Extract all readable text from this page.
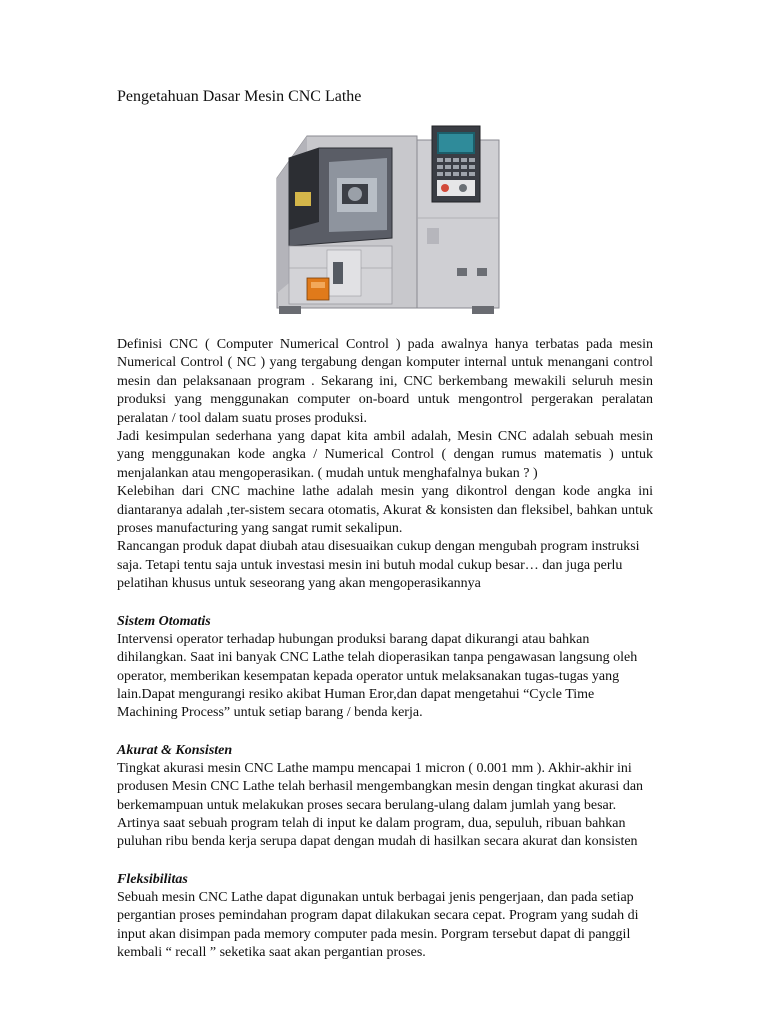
Pengetahuan Dasar Mesin CNC Lathe

Definisi CNC ( Computer Numerical Control ) pada awalnya hanya terbatas pada mesin Numerical Control ( NC ) yang tergabung dengan komputer internal untuk menangani control mesin dan pelaksanaan program . Sekarang ini, CNC berkembang mewakili seluruh mesin produksi yang menggunakan computer on-board untuk mengontrol pergerakan peralatan peralatan / tool dalam suatu proses produksi.

Jadi kesimpulan sederhana yang dapat kita ambil adalah, Mesin CNC adalah sebuah mesin yang menggunakan kode angka / Numerical Control ( dengan rumus matematis ) untuk menjalankan atau mengoperasikan. ( mudah untuk menghafalnya bukan ? )

Kelebihan dari CNC machine lathe adalah mesin yang dikontrol dengan kode angka ini diantaranya adalah ,ter-sistem secara otomatis, Akurat & konsisten dan fleksibel, bahkan untuk proses manufacturing yang sangat rumit sekalipun.

Rancangan produk dapat diubah atau disesuaikan cukup dengan mengubah program instruksi saja. Tetapi tentu saja untuk investasi mesin ini butuh modal cukup besar… dan juga perlu pelatihan khusus untuk seseorang yang akan mengoperasikannya

Sistem Otomatis

Intervensi operator terhadap hubungan produksi barang dapat dikurangi atau bahkan dihilangkan. Saat ini banyak CNC Lathe telah dioperasikan tanpa pengawasan langsung oleh operator, memberikan kesempatan kepada operator untuk melaksanakan tugas-tugas yang lain.Dapat mengurangi resiko akibat Human Eror,dan dapat mengetahui “Cycle Time Machining Process” untuk setiap barang / benda kerja.

Akurat & Konsisten

Tingkat akurasi mesin CNC Lathe mampu mencapai 1 micron ( 0.001 mm ). Akhir-akhir ini produsen Mesin CNC Lathe telah berhasil mengembangkan mesin dengan tingkat akurasi dan berkemampuan untuk melakukan proses secara berulang-ulang dalam jumlah yang besar. Artinya saat sebuah program telah di input ke dalam program, dua, sepuluh, ribuan bahkan puluhan ribu benda kerja serupa dapat dengan mudah di hasilkan secara akurat dan konsisten

Fleksibilitas

Sebuah mesin CNC Lathe dapat digunakan untuk berbagai jenis pengerjaan, dan pada setiap pergantian proses pemindahan program dapat dilakukan secara cepat. Program yang sudah di input akan disimpan pada memory computer pada mesin. Porgram tersebut dapat di panggil kembali “ recall ” seketika saat akan pergantian proses.
